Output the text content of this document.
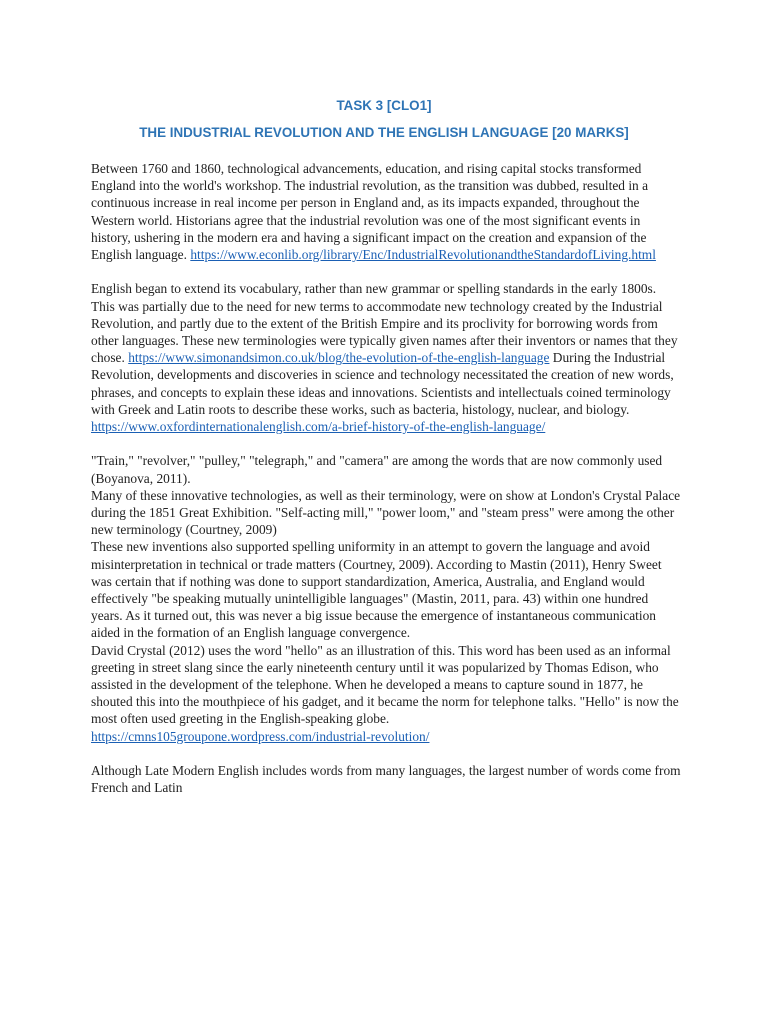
TASK 3 [CLO1]
THE INDUSTRIAL REVOLUTION AND THE ENGLISH LANGUAGE [20 MARKS]

Between 1760 and 1860, technological advancements, education, and rising capital stocks transformed England into the world's workshop. The industrial revolution, as the transition was dubbed, resulted in a continuous increase in real income per person in England and, as its impacts expanded, throughout the Western world. Historians agree that the industrial revolution was one of the most significant events in history, ushering in the modern era and having a significant impact on the creation and expansion of the English language. https://www.econlib.org/library/Enc/IndustrialRevolutionandtheStandardofLiving.html

English began to extend its vocabulary, rather than new grammar or spelling standards in the early 1800s. This was partially due to the need for new terms to accommodate new technology created by the Industrial Revolution, and partly due to the extent of the British Empire and its proclivity for borrowing words from other languages. These new terminologies were typically given names after their inventors or names that they chose. https://www.simonandsimon.co.uk/blog/the-evolution-of-the-english-language During the Industrial Revolution, developments and discoveries in science and technology necessitated the creation of new words, phrases, and concepts to explain these ideas and innovations. Scientists and intellectuals coined terminology with Greek and Latin roots to describe these works, such as bacteria, histology, nuclear, and biology. https://www.oxfordinternationalenglish.com/a-brief-history-of-the-english-language/

"Train," "revolver," "pulley," "telegraph," and "camera" are among the words that are now commonly used (Boyanova, 2011).

Many of these innovative technologies, as well as their terminology, were on show at London's Crystal Palace during the 1851 Great Exhibition. "Self-acting mill," "power loom," and "steam press" were among the other new terminology (Courtney, 2009)

These new inventions also supported spelling uniformity in an attempt to govern the language and avoid misinterpretation in technical or trade matters (Courtney, 2009). According to Mastin (2011), Henry Sweet was certain that if nothing was done to support standardization, America, Australia, and England would effectively "be speaking mutually unintelligible languages" (Mastin, 2011, para. 43) within one hundred years. As it turned out, this was never a big issue because the emergence of instantaneous communication aided in the formation of an English language convergence.

David Crystal (2012) uses the word "hello" as an illustration of this. This word has been used as an informal greeting in street slang since the early nineteenth century until it was popularized by Thomas Edison, who assisted in the development of the telephone. When he developed a means to capture sound in 1877, he shouted this into the mouthpiece of his gadget, and it became the norm for telephone talks. "Hello" is now the most often used greeting in the English-speaking globe.
https://cmns105groupone.wordpress.com/industrial-revolution/

Although Late Modern English includes words from many languages, the largest number of words come from French and Latin
